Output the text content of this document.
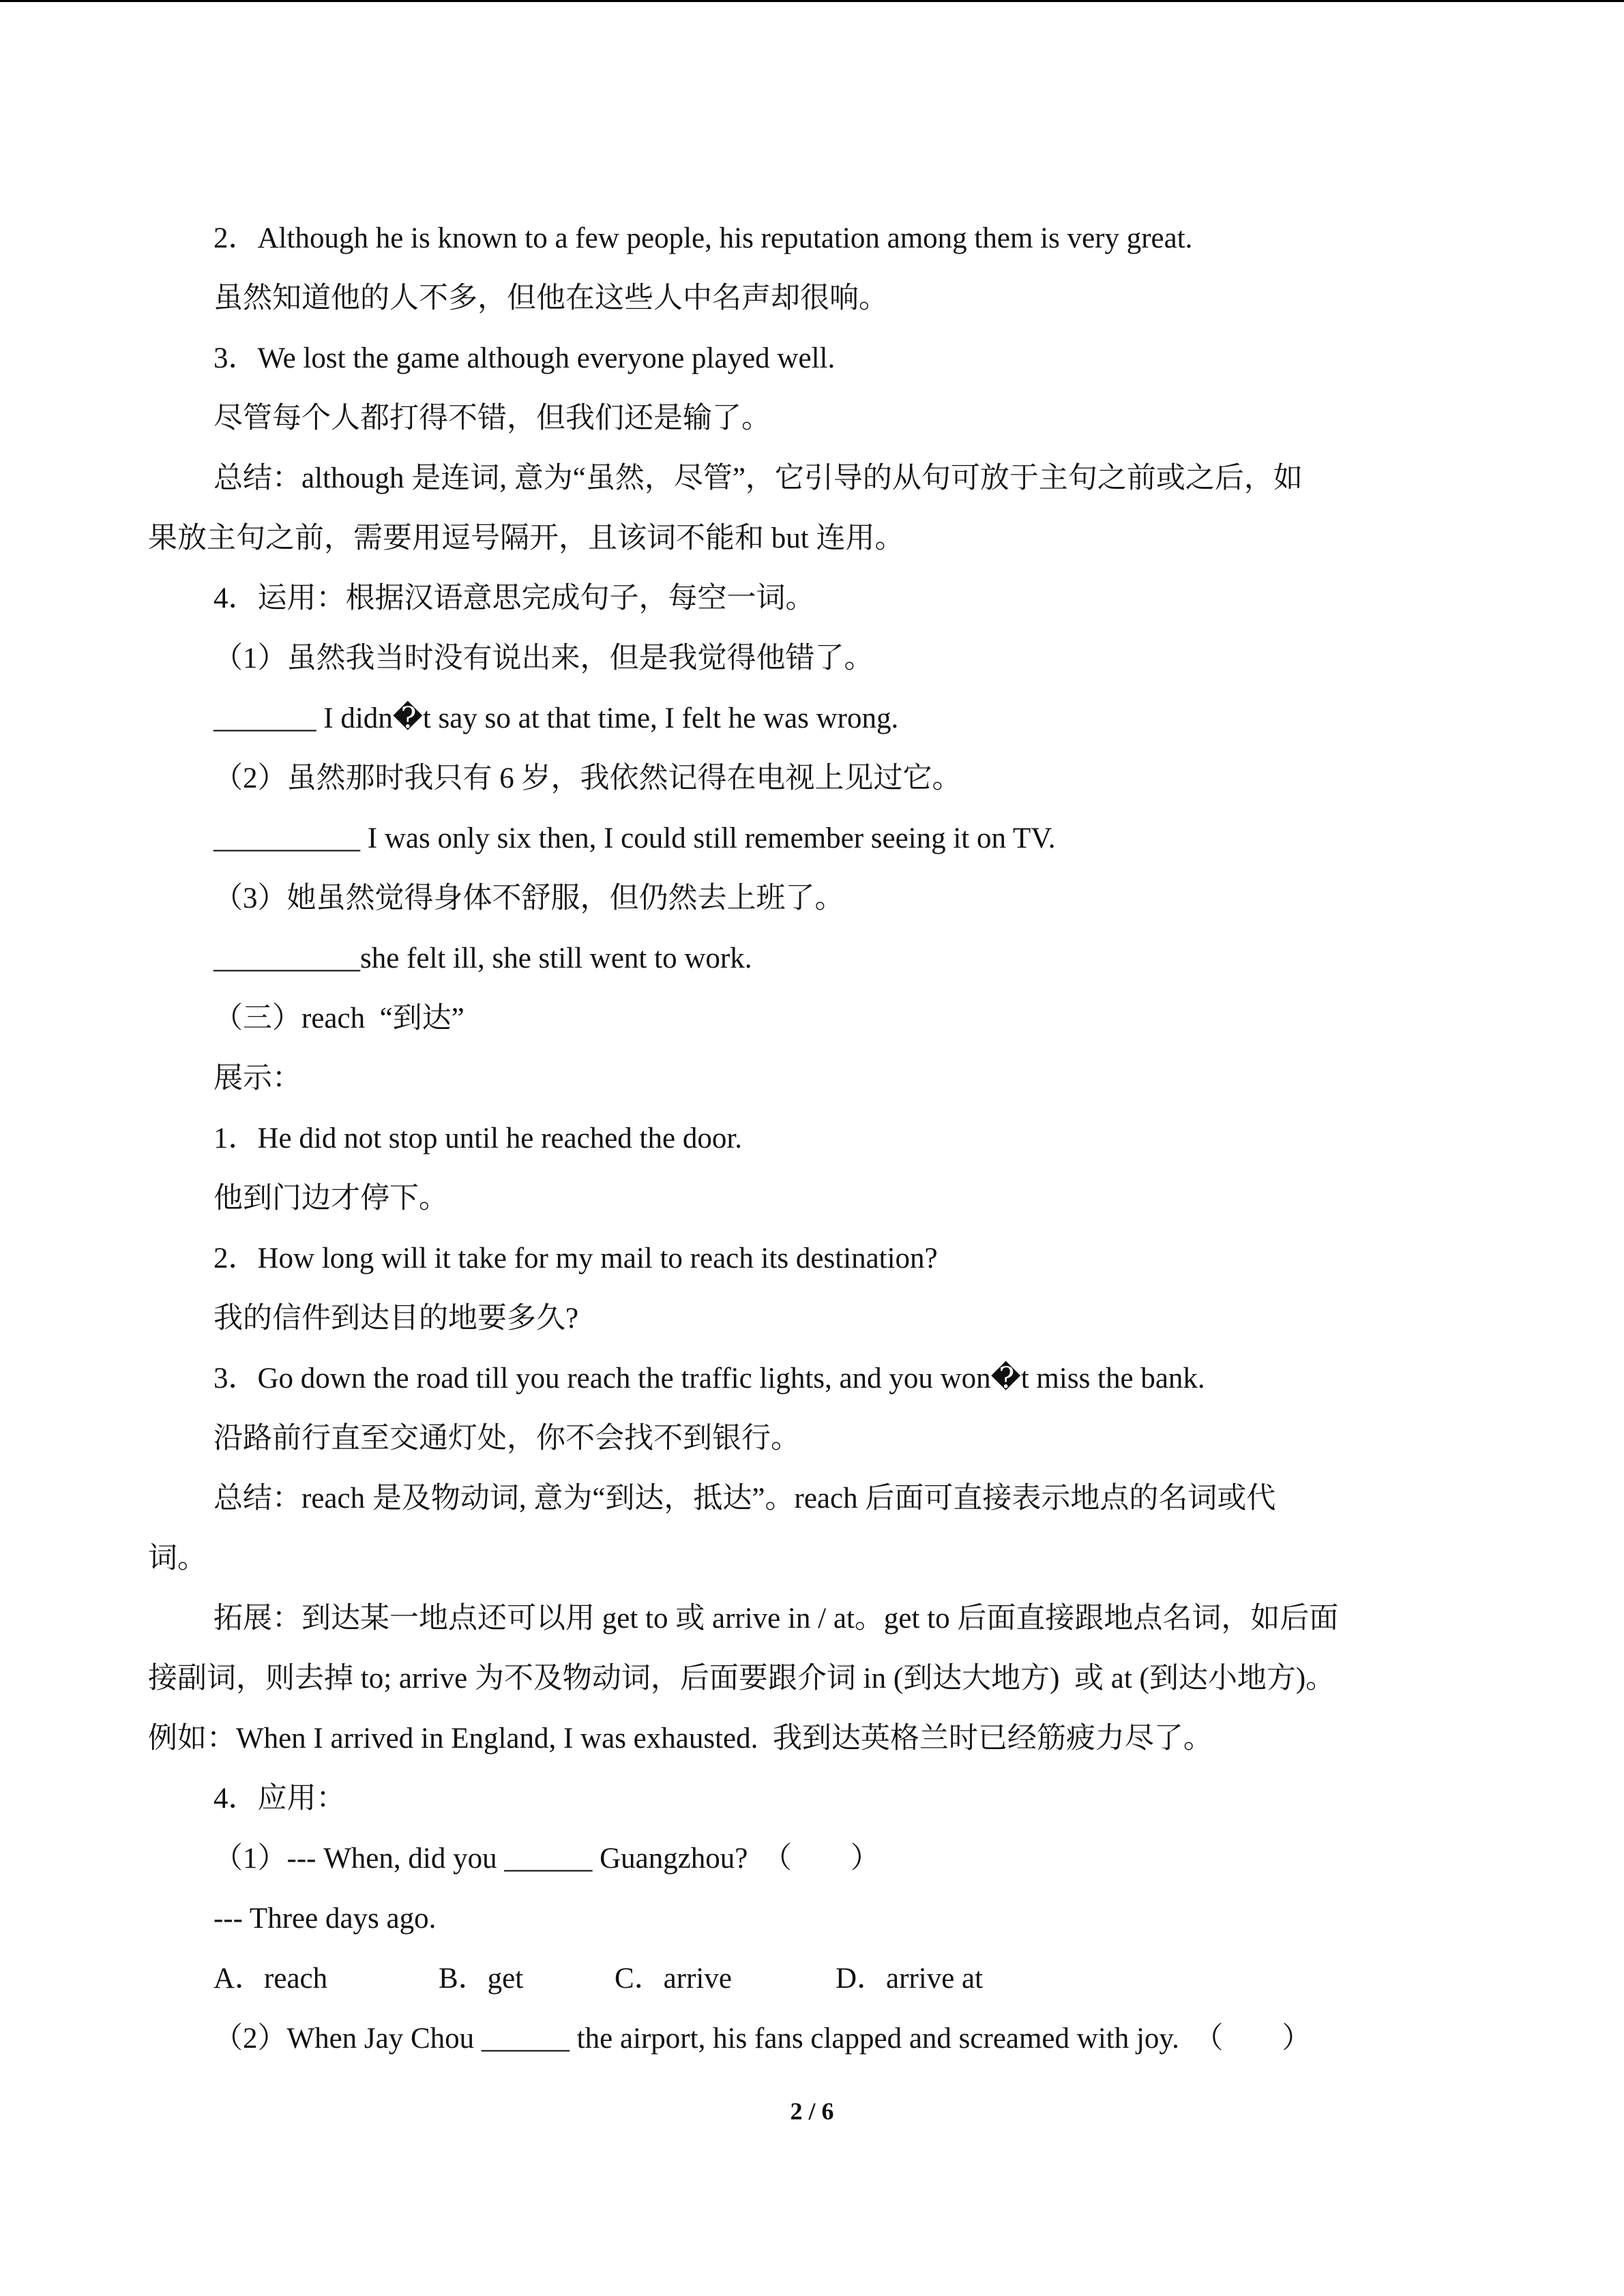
2．Although he is known to a few people, his reputation among them is very great.
虽然知道他的人不多，但他在这些人中名声却很响。
3．We lost the game although everyone played well.
尽管每个人都打得不错，但我们还是输了。
总结：although 是连词, 意为“虽然，尽管”，它引导的从句可放于主句之前或之后，如
果放主句之前，需要用逗号隔开，且该词不能和 but 连用。
4．运用：根据汉语意思完成句子，每空一词。
（1）虽然我当时没有说出来，但是我觉得他错了。
_______ I didn�t say so at that time, I felt he was wrong.
（2）虽然那时我只有 6 岁，我依然记得在电视上见过它。
__________ I was only six then, I could still remember seeing it on TV.
（3）她虽然觉得身体不舒服，但仍然去上班了。
__________she felt ill, she still went to work.
（三）reach  “到达”
展示：
1．He did not stop until he reached the door.
他到门边才停下。
2．How long will it take for my mail to reach its destination?
我的信件到达目的地要多久?
3．Go down the road till you reach the traffic lights, and you won�t miss the bank.
沿路前行直至交通灯处，你不会找不到银行。
总结：reach 是及物动词, 意为“到达，抵达”。reach 后面可直接表示地点的名词或代
词。
拓展：到达某一地点还可以用 get to 或 arrive in / at。get to 后面直接跟地点名词，如后面
接副词，则去掉 to; arrive 为不及物动词，后面要跟介词 in (到达大地方)  或 at (到达小地方)。
例如：When I arrived in England, I was exhausted.  我到达英格兰时已经筋疲力尽了。
4．应用：
（1）--- When, did you ______ Guangzhou?  （        ）
--- Three days ago.
A．reach	B．get	C．arrive	D．arrive at
（2）When Jay Chou ______ the airport, his fans clapped and screamed with joy.  （        ）
2 / 6
